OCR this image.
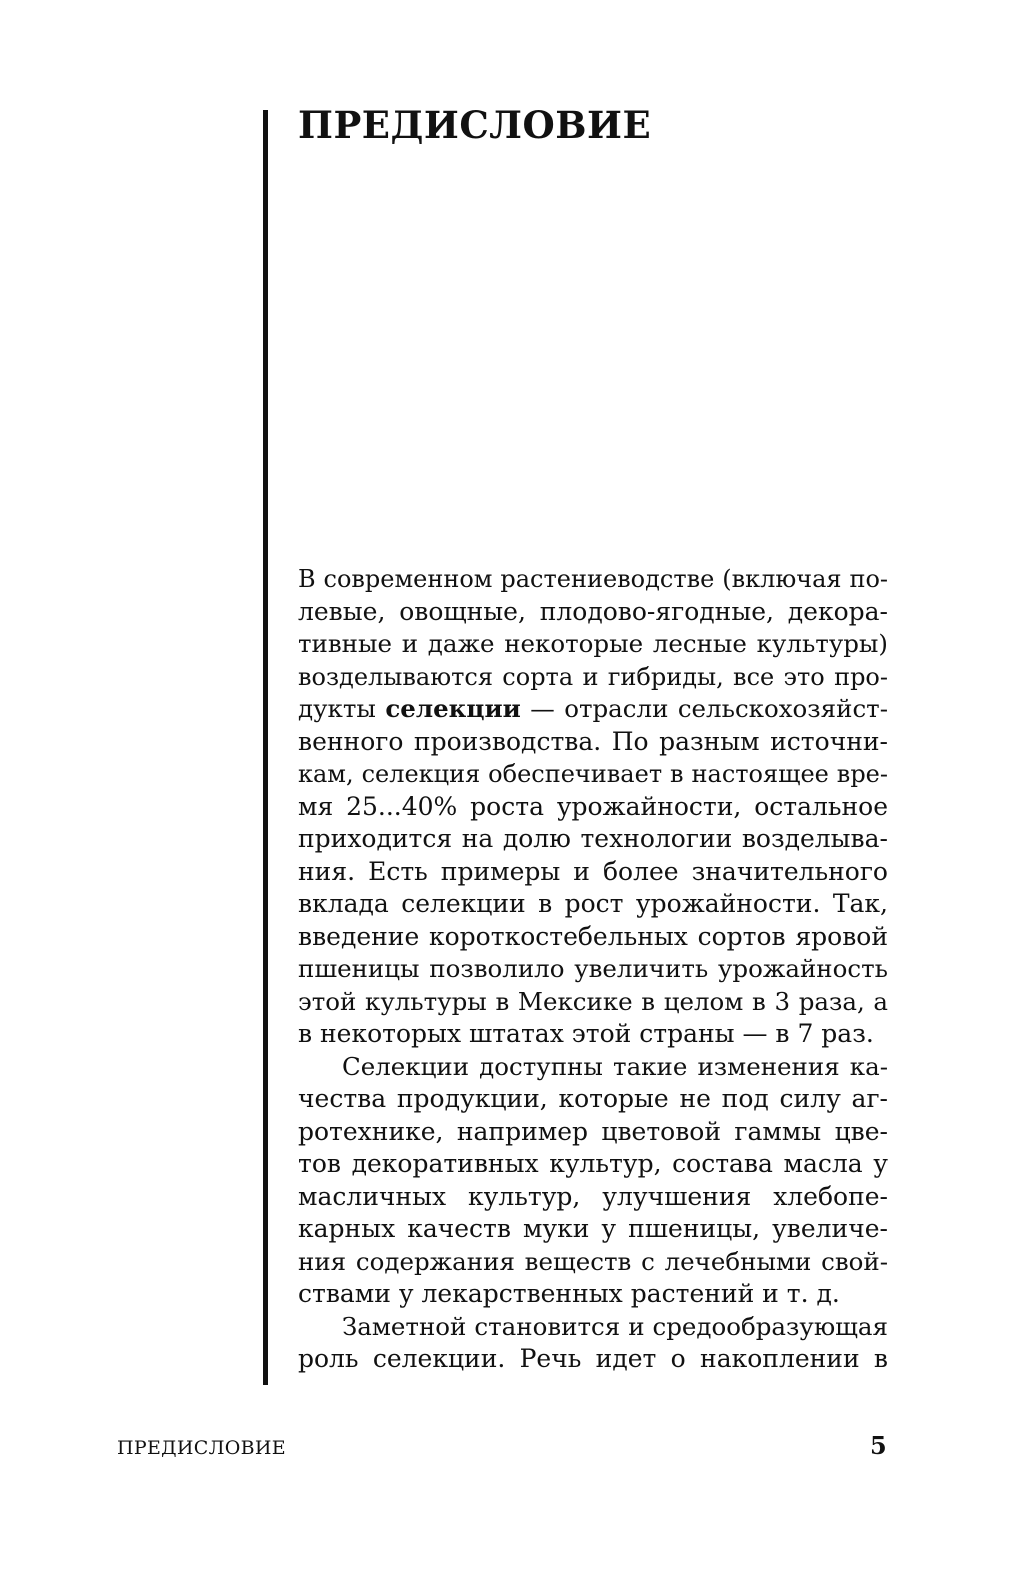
ПРЕДИСЛОВИЕ
В современном растениеводстве (включая по-
левые, овощные, плодово-ягодные, декора-
тивные и даже некоторые лесные культуры)
возделываются сорта и гибриды, все это про-
дукты селекции — отрасли сельскохозяйст-
венного производства. По разным источни-
кам, селекция обеспечивает в настоящее вре-
мя 25...40% роста урожайности, остальное
приходится на долю технологии возделыва-
ния. Есть примеры и более значительного
вклада селекции в рост урожайности. Так,
введение короткостебельных сортов яровой
пшеницы позволило увеличить урожайность
этой культуры в Мексике в целом в 3 раза, а
в некоторых штатах этой страны — в 7 раз.
Селекции доступны такие изменения ка-
чества продукции, которые не под силу аг-
ротехнике, например цветовой гаммы цве-
тов декоративных культур, состава масла у
масличных культур, улучшения хлебопе-
карных качеств муки у пшеницы, увеличе-
ния содержания веществ с лечебными свой-
ствами у лекарственных растений и т. д.
Заметной становится и средообразующая
роль селекции. Речь идет о накоплении в
ПРЕДИСЛОВИЕ	5
